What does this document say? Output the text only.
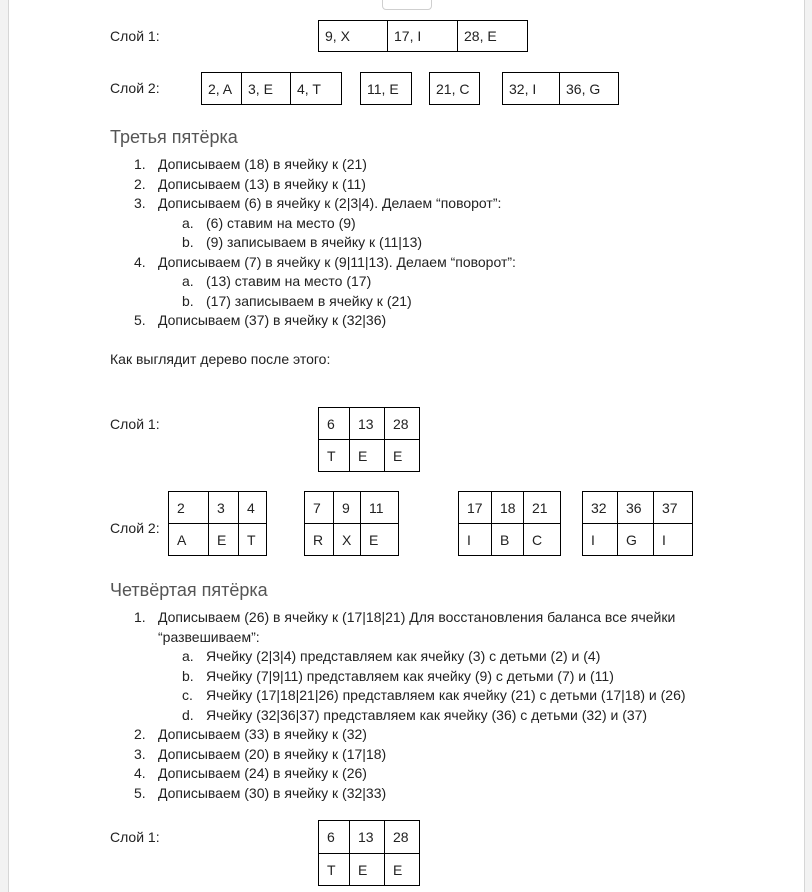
Слой 1:	9, X	17, I	28, E
Слой 2:	2, A	3, E	4, T	11, E	21, C	32, I	36, G
Третья пятёрка
1. Дописываем (18) в ячейку к (21)
2. Дописываем (13) в ячейку к (11)
3. Дописываем (6) в ячейку к (2|3|4). Делаем “поворот”:
a. (6) ставим на место (9)
b. (9) записываем в ячейку к (11|13)
4. Дописываем (7) в ячейку к (9|11|13). Делаем “поворот”:
a. (13) ставим на место (17)
b. (17) записываем в ячейку к (21)
5. Дописываем (37) в ячейку к (32|36)
Как выглядит дерево после этого:
Слой 1:	6	13	28
T	E	E
Слой 2:
2	3	4
A	E	T
7	9	11
R	X	E
17	18	21
I	B	C
32	36	37
I	G	I
Четвёртая пятёрка
1. Дописываем (26) в ячейку к (17|18|21) Для восстановления баланса все ячейки
“развешиваем”:
a. Ячейку (2|3|4) представляем как ячейку (3) с детьми (2) и (4)
b. Ячейку (7|9|11) представляем как ячейку (9) с детьми (7) и (11)
c. Ячейку (17|18|21|26) представляем как ячейку (21) с детьми (17|18) и (26)
d. Ячейку (32|36|37) представляем как ячейку (36) с детьми (32) и (37)
2. Дописываем (33) в ячейку к (32)
3. Дописываем (20) в ячейку к (17|18)
4. Дописываем (24) в ячейку к (26)
5. Дописываем (30) в ячейку к (32|33)
Слой 1:	6	13	28
T	E	E
